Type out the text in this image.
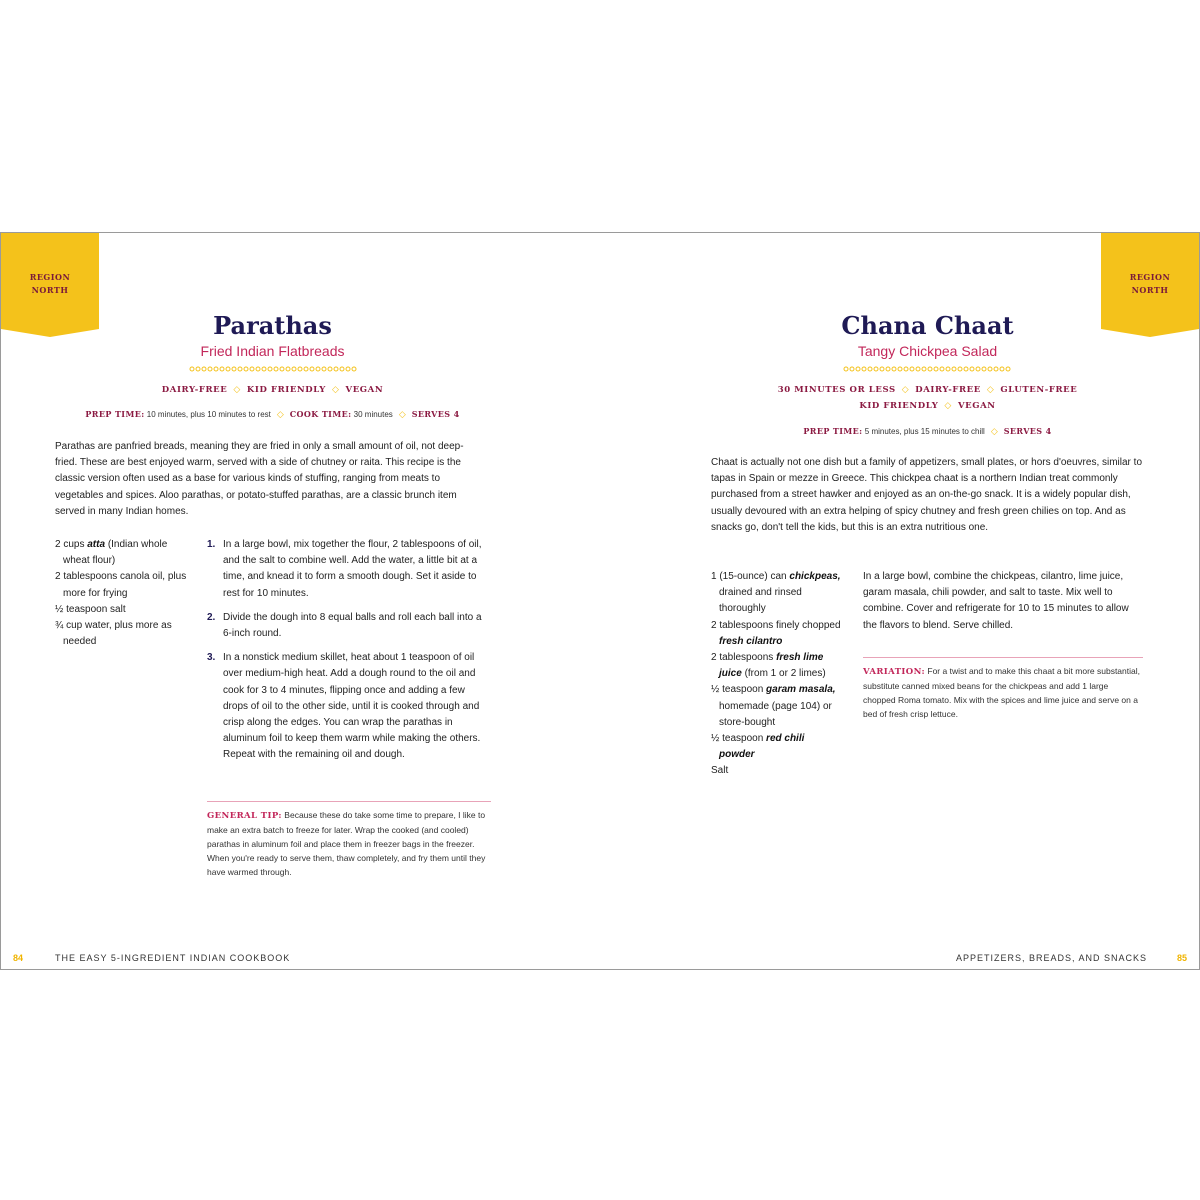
REGION
NORTH
Parathas
Fried Indian Flatbreads
DAIRY-FREE ◇ KID FRIENDLY ◇ VEGAN
PREP TIME: 10 minutes, plus 10 minutes to rest ◇ COOK TIME: 30 minutes ◇ SERVES 4

Parathas are panfried breads, meaning they are fried in only a small amount of oil, not deep-fried. These are best enjoyed warm, served with a side of chutney or raita. This recipe is the classic version often used as a base for various kinds of stuffing, ranging from meats to vegetables and spices. Aloo parathas, or potato-stuffed parathas, are a classic brunch item served in many Indian homes.

2 cups atta (Indian whole wheat flour)
2 tablespoons canola oil, plus more for frying
½ teaspoon salt
¾ cup water, plus more as needed
1. In a large bowl, mix together the flour, 2 tablespoons of oil, and the salt to combine well. Add the water, a little bit at a time, and knead it to form a smooth dough. Set it aside to rest for 10 minutes.
2. Divide the dough into 8 equal balls and roll each ball into a 6-inch round.
3. In a nonstick medium skillet, heat about 1 teaspoon of oil over medium-high heat. Add a dough round to the oil and cook for 3 to 4 minutes, flipping once and adding a few drops of oil to the other side, until it is cooked through and crisp along the edges. You can wrap the parathas in aluminum foil to keep them warm while making the others. Repeat with the remaining oil and dough.
GENERAL TIP: Because these do take some time to prepare, I like to make an extra batch to freeze for later. Wrap the cooked (and cooled) parathas in aluminum foil and place them in freezer bags in the freezer. When you're ready to serve them, thaw completely, and fry them until they have warmed through.
84	THE EASY 5-INGREDIENT INDIAN COOKBOOK
REGION
NORTH
Chana Chaat
Tangy Chickpea Salad
30 MINUTES OR LESS ◇ DAIRY-FREE ◇ GLUTEN-FREE
KID FRIENDLY ◇ VEGAN
PREP TIME: 5 minutes, plus 15 minutes to chill ◇ SERVES 4

Chaat is actually not one dish but a family of appetizers, small plates, or hors d'oeuvres, similar to tapas in Spain or mezze in Greece. This chickpea chaat is a northern Indian treat commonly purchased from a street hawker and enjoyed as an on-the-go snack. It is a widely popular dish, usually devoured with an extra helping of spicy chutney and fresh green chilies on top. And as snacks go, don't tell the kids, but this is an extra nutritious one.

1 (15-ounce) can chickpeas, drained and rinsed thoroughly
2 tablespoons finely chopped fresh cilantro
2 tablespoons fresh lime juice (from 1 or 2 limes)
½ teaspoon garam masala, homemade (page 104) or store-bought
½ teaspoon red chili powder
Salt

In a large bowl, combine the chickpeas, cilantro, lime juice, garam masala, chili powder, and salt to taste. Mix well to combine. Cover and refrigerate for 10 to 15 minutes to allow the flavors to blend. Serve chilled.

VARIATION: For a twist and to make this chaat a bit more substantial, substitute canned mixed beans for the chickpeas and add 1 large chopped Roma tomato. Mix with the spices and lime juice and serve on a bed of fresh crisp lettuce.
APPETIZERS, BREADS, AND SNACKS	85
